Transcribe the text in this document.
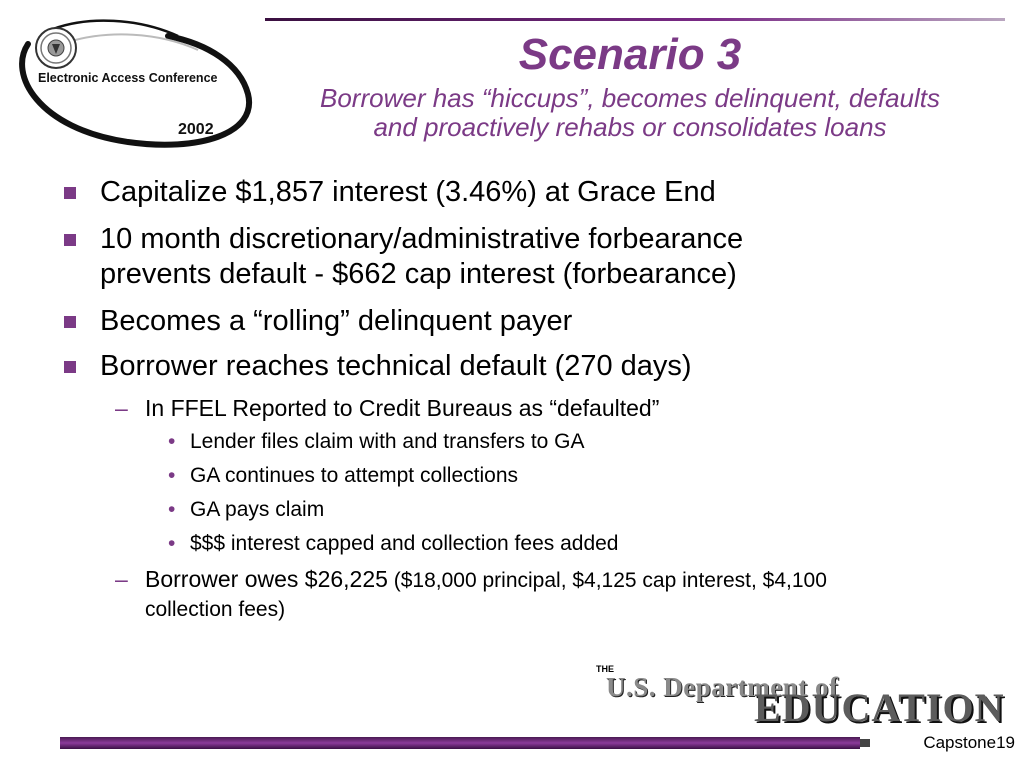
Electronic Access Conference
2002
Scenario 3
Borrower has “hiccups”, becomes delinquent, defaults
and proactively rehabs or consolidates loans
Capitalize $1,857 interest (3.46%) at Grace End
10 month discretionary/administrative forbearance
prevents default - $662 cap interest (forbearance)
Becomes a “rolling” delinquent payer
Borrower reaches technical default (270 days)
– In FFEL Reported to Credit Bureaus as “defaulted”
• Lender files claim with and transfers to GA
• GA continues to attempt collections
• GA pays claim
• $$$ interest capped and collection fees added
– Borrower owes $26,225 ($18,000 principal, $4,125 cap interest, $4,100
collection fees)
THE
U.S. Department of
EDUCATION
Capstone19
